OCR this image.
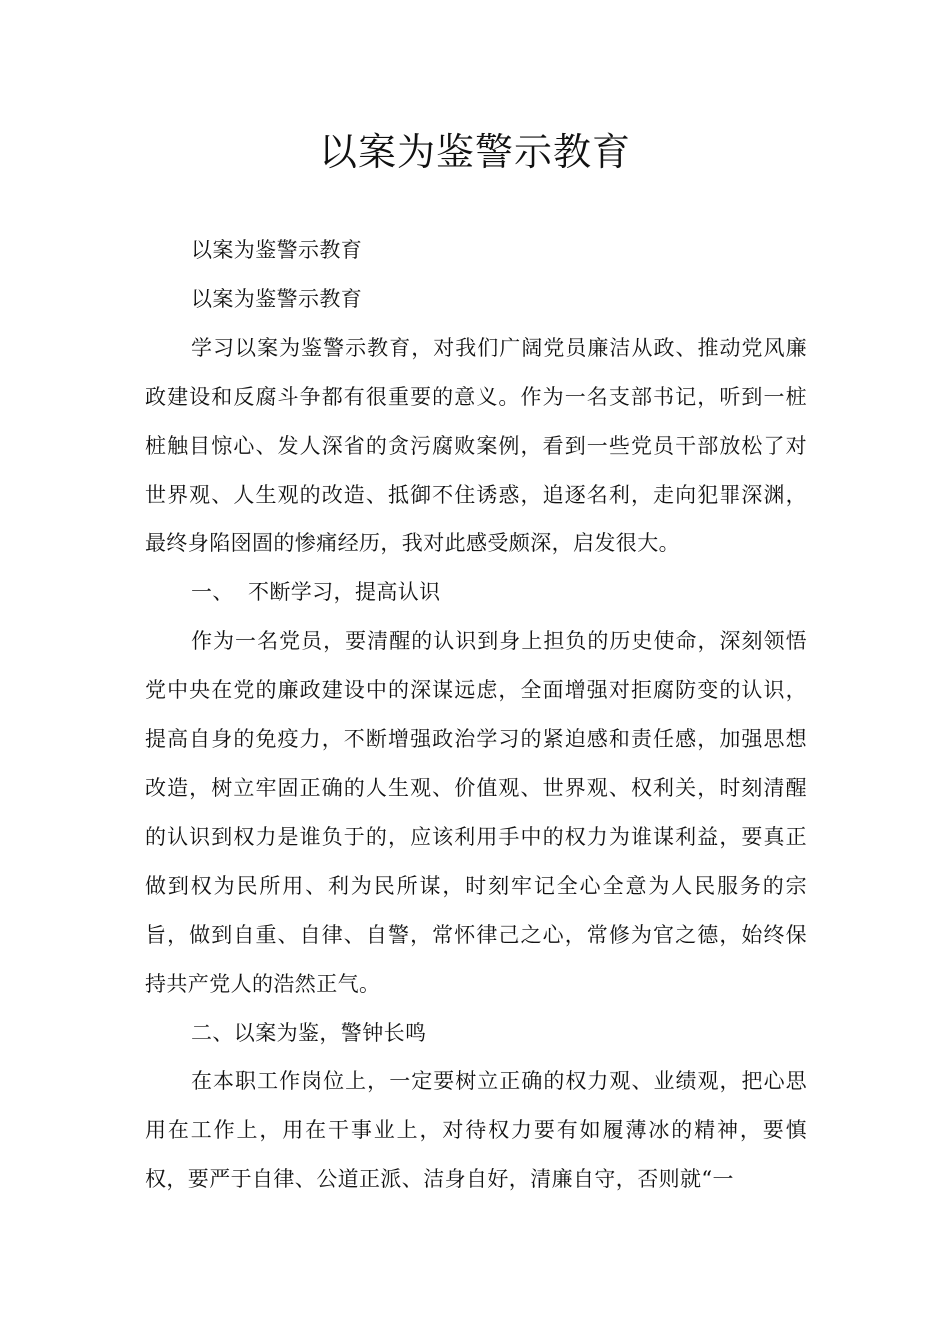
以案为鉴警示教育

以案为鉴警示教育

以案为鉴警示教育

学习以案为鉴警示教育，对我们广阔党员廉洁从政、推动党风廉政建设和反腐斗争都有很重要的意义。作为一名支部书记，听到一桩桩触目惊心、发人深省的贪污腐败案例，看到一些党员干部放松了对世界观、人生观的改造、抵御不住诱惑，追逐名利，走向犯罪深渊，最终身陷囹圄的惨痛经历，我对此感受颇深，启发很大。

一、  不断学习，提高认识

作为一名党员，要清醒的认识到身上担负的历史使命，深刻领悟党中央在党的廉政建设中的深谋远虑，全面增强对拒腐防变的认识，提高自身的免疫力，不断增强政治学习的紧迫感和责任感，加强思想改造，树立牢固正确的人生观、价值观、世界观、权利关，时刻清醒的认识到权力是谁负于的，应该利用手中的权力为谁谋利益，要真正做到权为民所用、利为民所谋，时刻牢记全心全意为人民服务的宗旨，做到自重、自律、自警，常怀律己之心，常修为官之德，始终保持共产党人的浩然正气。

二、以案为鉴，警钟长鸣

在本职工作岗位上，一定要树立正确的权力观、业绩观，把心思用在工作上，用在干事业上，对待权力要有如履薄冰的精神，要慎权，要严于自律、公道正派、洁身自好，清廉自守，否则就“一
